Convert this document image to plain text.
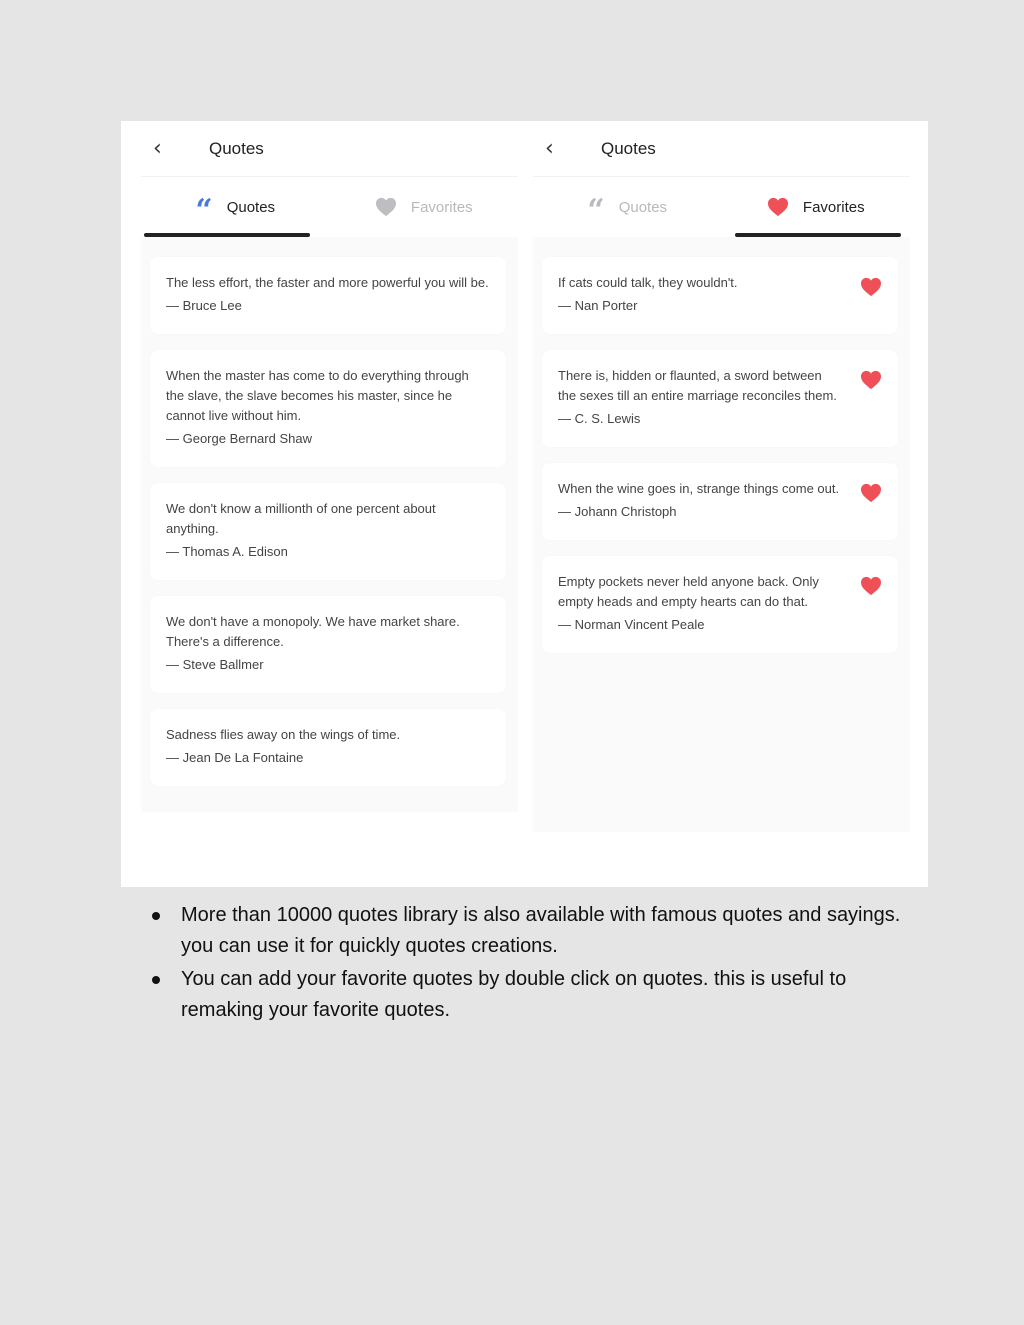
‹	Quotes
“ Quotes	Favorites
The less effort, the faster and more powerful you will be.
— Bruce Lee
When the master has come to do everything through the slave, the slave becomes his master, since he cannot live without him.
— George Bernard Shaw
We don't know a millionth of one percent about anything.
— Thomas A. Edison
We don't have a monopoly. We have market share. There's a difference.
— Steve Ballmer
Sadness flies away on the wings of time.
— Jean De La Fontaine
‹	Quotes
“ Quotes	Favorites
If cats could talk, they wouldn't.
— Nan Porter
There is, hidden or flaunted, a sword between the sexes till an entire marriage reconciles them.
— C. S. Lewis
When the wine goes in, strange things come out.
— Johann Christoph
Empty pockets never held anyone back. Only empty heads and empty hearts can do that.
— Norman Vincent Peale
More than 10000 quotes library is also available with famous quotes and sayings. you can use it for quickly quotes creations.
You can add your favorite quotes by double click on quotes. this is useful to remaking your favorite quotes.
